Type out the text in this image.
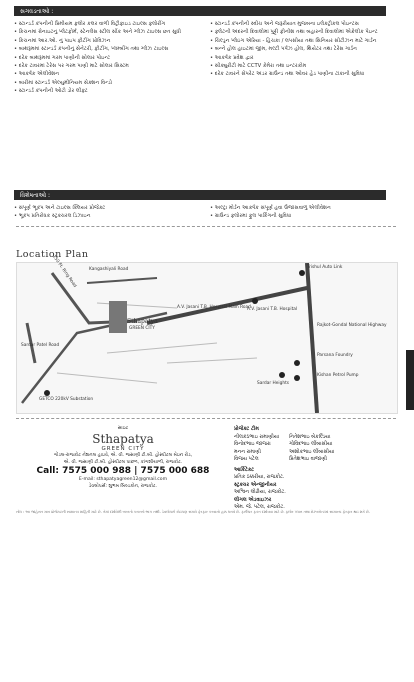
સગવડતાઓ :
• સ્ટાન્ડર્ડ કંપનીની પ્રિમીયમ ફ્લોર કલર વાળી વિટ્રીફાઇડ ટાઇલ્સ ફ્લોરીંગ
• કિચનમાં ગ્રેનાઇટનું પ્લેટફોર્મ, સ્ટેનલેસ સ્ટીલ સીંક અને ગ્લેઝ ટાઇલ્સ છત સુધી
• કિચનમાં આર.ઓ. નું પાઇપ ફીટીંગ પ્રોવિઝન
• બાથરૂમમાં સ્ટાન્ડર્ડ કંપનીનું સેનેટરી, ફીટીંગ, પ્લમ્બીંગ તથા ગ્લેઝ ટાઇલ્સ
• દરેક બાથરૂમમાં ગરમ પાણીની સોલાર પોઇન્ટ
• દરેક ટાવરમાં ટેરેસ પર ગરમ પાણી માટે સોલાર સિસ્ટમ
• આકર્ષક એલીવેશન
• બારીમાં સ્ટાન્ડર્ડ એલ્યુમીનિયમ સેક્શન વિન્ડો
• સ્ટાન્ડર્ડ કંપનીની ઓટો ડોર લીફ્ટ
• સ્ટાન્ડર્ડ કંપનીની સ્વીચ અને જરૂરીયાત મુજબના ઇલેક્ટ્રીકલ પોઇન્ટસ
• ફ્લેટની અંદરની દિવાલોમાં પુટ્ટી ફીનીશ તથા બહારની દિવાલોમાં એક્રેલીક પેઇન્ટ
• ચિલ્ડ્રન પ્લેઇંગ એરિયા - હિંચકા / લપસીયા તથા સિનિયર સીટીઝન માટે ગાર્ડન
• બન્ને હોલ હાઇટમાં જીમ, મલ્ટી પર્પઝ હોલ, થિયેટર તથા ટેરેસ ગાર્ડન
• આકર્ષક પ્રવેશ દ્વાર
• સીક્યુરીટી માટે CCTV કેમેરા તથા ઇન્ટરકોમ
• દરેક ટાવરને સેપરેટ અંડર ગ્રાઉન્ડ તથા ઓવર હેડ પાણીના ટાંકાની સુવિધા
વિશેષતાઓ :
• સંપૂર્ણ ભૂકંપ અને ટાઇલ્સ ક્લિયર પ્રોજેક્ટ
• ભૂકંપ પ્રતિરોધક સ્ટ્રક્ચરલ ડિઝાઇન
• અલ્ટ્રા મોર્ડન આકર્ષક સંપૂર્ણ હવા ઉજાસવાળું એલીવેશન
• ગ્રાઉન્ડ ફ્લોરમાં ફુલ પાર્કિંગની સુવિધા
Location Plan
150 Ft. Ring Road	Kangashiyali Road	Trishul Auto Link
A.V. Jasani T.B. Hospital Main Road
A.V. Jasani T.B. Hospital
Sthapatya
GREEN CITY
Sardar Patel Road
Rajkot-Gondal National Highway
Parsana Foundry
Kishan Petrol Pump
Sardar Heights
GETCO 220kV Substation
સાઇટ
Sthapatya
GREEN CITY
ગોંડલ-રાજકોટ નેશનલ હાઇવે, એ. વી. જસાણી ટી.બી. હોસ્પીટલ મેઇન રોડ,
એ. વી. જસાણી ટી.બી. હોસ્પીટલ પાછળ, કાંગશીયાળી, રાજકોટ.
Call: 7575 000 988 | 7575 000 688
E-mail: sthapatyagreen12@gmail.com
ડેવલોપર્સ: શુભમ બિલ્ડકોન, રાજકોટ.
પ્રોજેક્ટ ટીમ
નીલકંઠભાઇ રામાણીયા
વિનોદભાઇ જાજરા
મનન રામાણી
વિજય પટેલ
નિતેશભાઇ બેકલ્ડિયા
ગોવિંદભાઇ લીંબાસીયા
અશોકભાઇ લીંબાસીયા
પ્રિતેશભાઇ વાજાણી
આર્કિટેક્ટ
પ્રતિક ઠક્કરીયા, રાજકોટ.
સ્ટ્રક્ચર એન્જીનીયર
અશ્વિન લોઢીયા, રાજકોટ.
લીગલ એડવાઇઝર
એમ. જે. પટેલ, રાજકોટ.
નોંધ : આ જાહેરાત માત્ર પ્રોજેક્ટની સામાન્ય માહિતી માટે છે. તેમાં દર્શાવેલી બાબતો કરારનો ભાગ નથી. ડેવલોપર્સ કોઇપણ સમયે ફેરફાર કરવાનો હક્ક ધરાવે છે. ફર્નીચર ફક્ત દર્શાવવા માટે છે. ફ્લોર પ્લાન તથા મેઝરમેન્ટમાં સામાન્ય ફેરફાર થઇ શકે છે.
